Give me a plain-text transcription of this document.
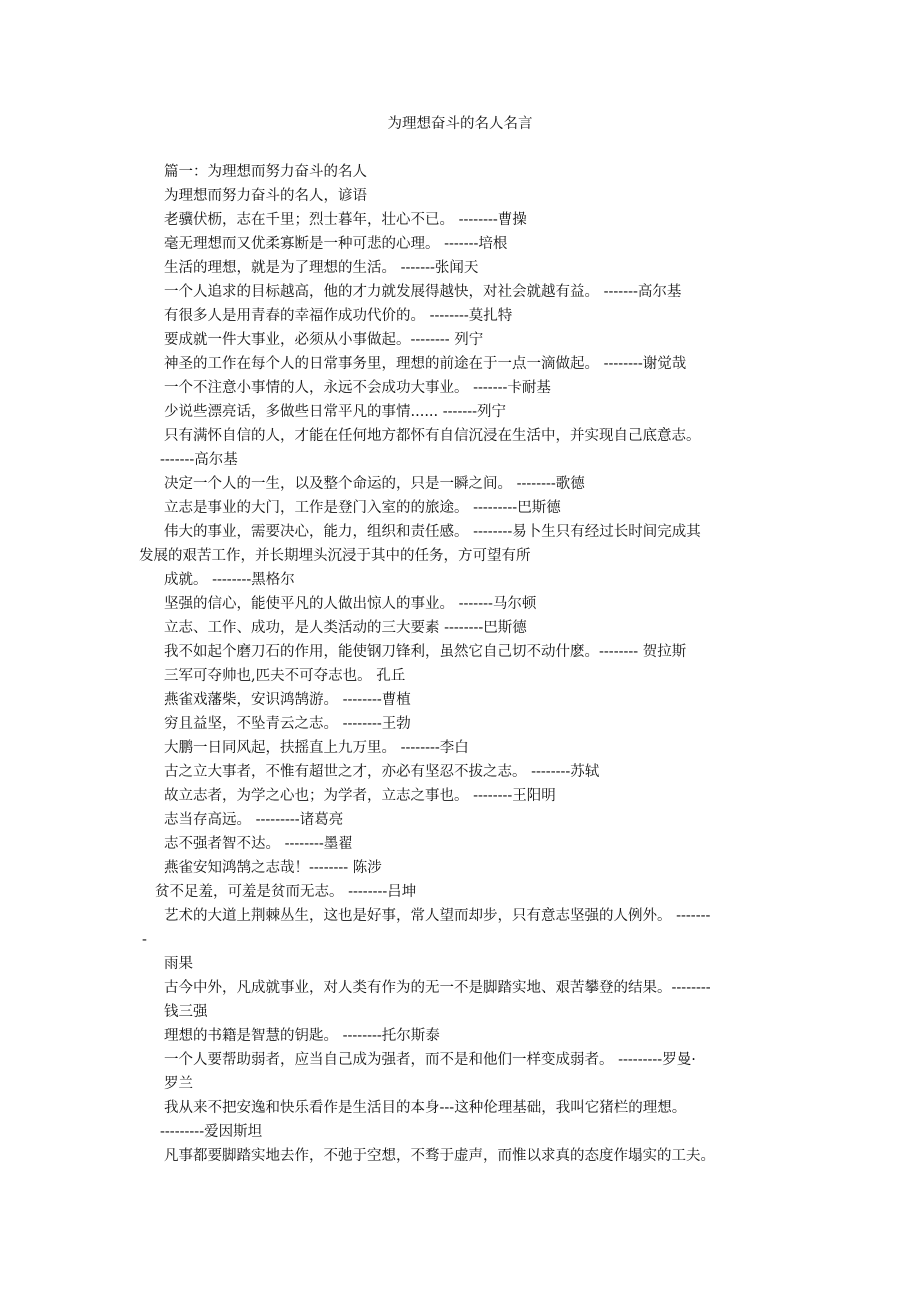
为理想奋斗的名人名言

篇一：为理想而努力奋斗的名人

为理想而努力奋斗的名人，谚语

老骥伏枥，志在千里；烈士暮年，壮心不已。 --------曹操

毫无理想而又优柔寡断是一种可悲的心理。 -------培根

生活的理想，就是为了理想的生活。 -------张闻天

一个人追求的目标越高，他的才力就发展得越快，对社会就越有益。 -------高尔基

有很多人是用青春的幸福作成功代价的。 --------莫扎特

要成就一件大事业，必须从小事做起。-------- 列宁

神圣的工作在每个人的日常事务里，理想的前途在于一点一滴做起。 --------谢觉哉

一个不注意小事情的人，永远不会成功大事业。 -------卡耐基

少说些漂亮话，多做些日常平凡的事情...... -------列宁

只有满怀自信的人，才能在任何地方都怀有自信沉浸在生活中，并实现自己底意志。

-------高尔基

决定一个人的一生，以及整个命运的，只是一瞬之间。 --------歌德

立志是事业的大门，工作是登门入室的的旅途。 ---------巴斯德

伟大的事业，需要决心，能力，组织和责任感。 --------易卜生只有经过长时间完成其

发展的艰苦工作，并长期埋头沉浸于其中的任务，方可望有所

成就。 --------黑格尔

坚强的信心，能使平凡的人做出惊人的事业。 -------马尔顿

立志、工作、成功，是人类活动的三大要素 --------巴斯德

我不如起个磨刀石的作用，能使钢刀锋利，虽然它自己切不动什麽。-------- 贺拉斯

三军可夺帅也,匹夫不可夺志也。 孔丘

燕雀戏藩柴，安识鸿鹄游。 --------曹植

穷且益坚，不坠青云之志。 --------王勃

大鹏一日同风起，扶摇直上九万里。 --------李白

古之立大事者，不惟有超世之才，亦必有坚忍不拔之志。 --------苏轼

故立志者，为学之心也；为学者，立志之事也。 --------王阳明

志当存高远。 ---------诸葛亮

志不强者智不达。 --------墨翟

燕雀安知鸿鹄之志哉！-------- 陈涉

贫不足羞，可羞是贫而无志。 --------吕坤

艺术的大道上荆棘丛生，这也是好事，常人望而却步，只有意志坚强的人例外。 -------

-

雨果

古今中外，凡成就事业，对人类有作为的无一不是脚踏实地、艰苦攀登的结果。--------

钱三强

理想的书籍是智慧的钥匙。 --------托尔斯泰

一个人要帮助弱者，应当自己成为强者，而不是和他们一样变成弱者。 ---------罗曼·

罗兰

我从来不把安逸和快乐看作是生活目的本身---这种伦理基础，我叫它猪栏的理想。

---------爱因斯坦

凡事都要脚踏实地去作，不弛于空想，不骛于虚声，而惟以求真的态度作塌实的工夫。
